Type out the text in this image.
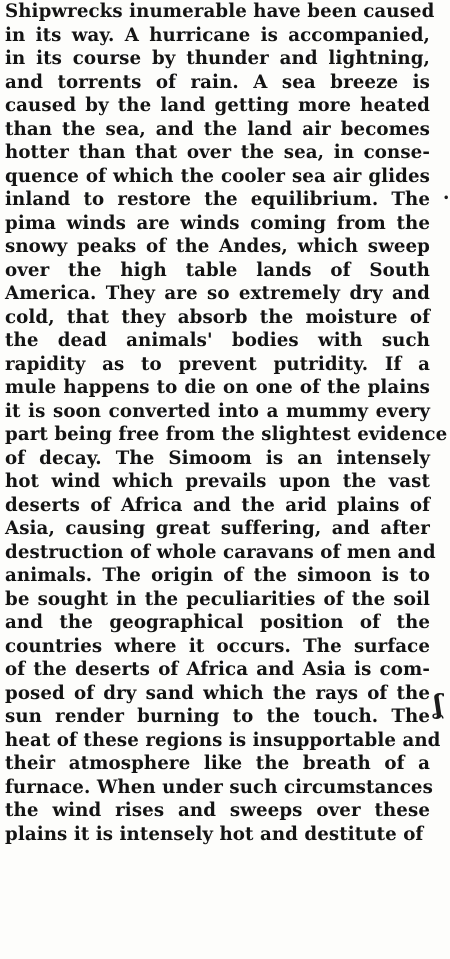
Shipwrecks inumerable have been caused
in its way. A hurricane is accompanied,
in its course by thunder and lightning,
and torrents of rain. A sea breeze is
caused by the land getting more heated
than the sea, and the land air becomes
hotter than that over the sea, in conse-
quence of which the cooler sea air glides
inland to restore the equilibrium. The
pima winds are winds coming from the
snowy peaks of the Andes, which sweep
over the high table lands of South
America. They are so extremely dry and
cold, that they absorb the moisture of
the dead animals' bodies with such
rapidity as to prevent putridity. If a
mule happens to die on one of the plains
it is soon converted into a mummy every
part being free from the slightest evidence
of decay. The Simoom is an intensely
hot wind which prevails upon the vast
deserts of Africa and the arid plains of
Asia, causing great suffering, and after
destruction of whole caravans of men and
animals. The origin of the simoon is to
be sought in the peculiarities of the soil
and the geographical position of the
countries where it occurs. The surface
of the deserts of Africa and Asia is com-
posed of dry sand which the rays of the
sun render burning to the touch. The
heat of these regions is insupportable and
their atmosphere like the breath of a
furnace. When under such circumstances
the wind rises and sweeps over these
plains it is intensely hot and destitute of
•
ʆ
